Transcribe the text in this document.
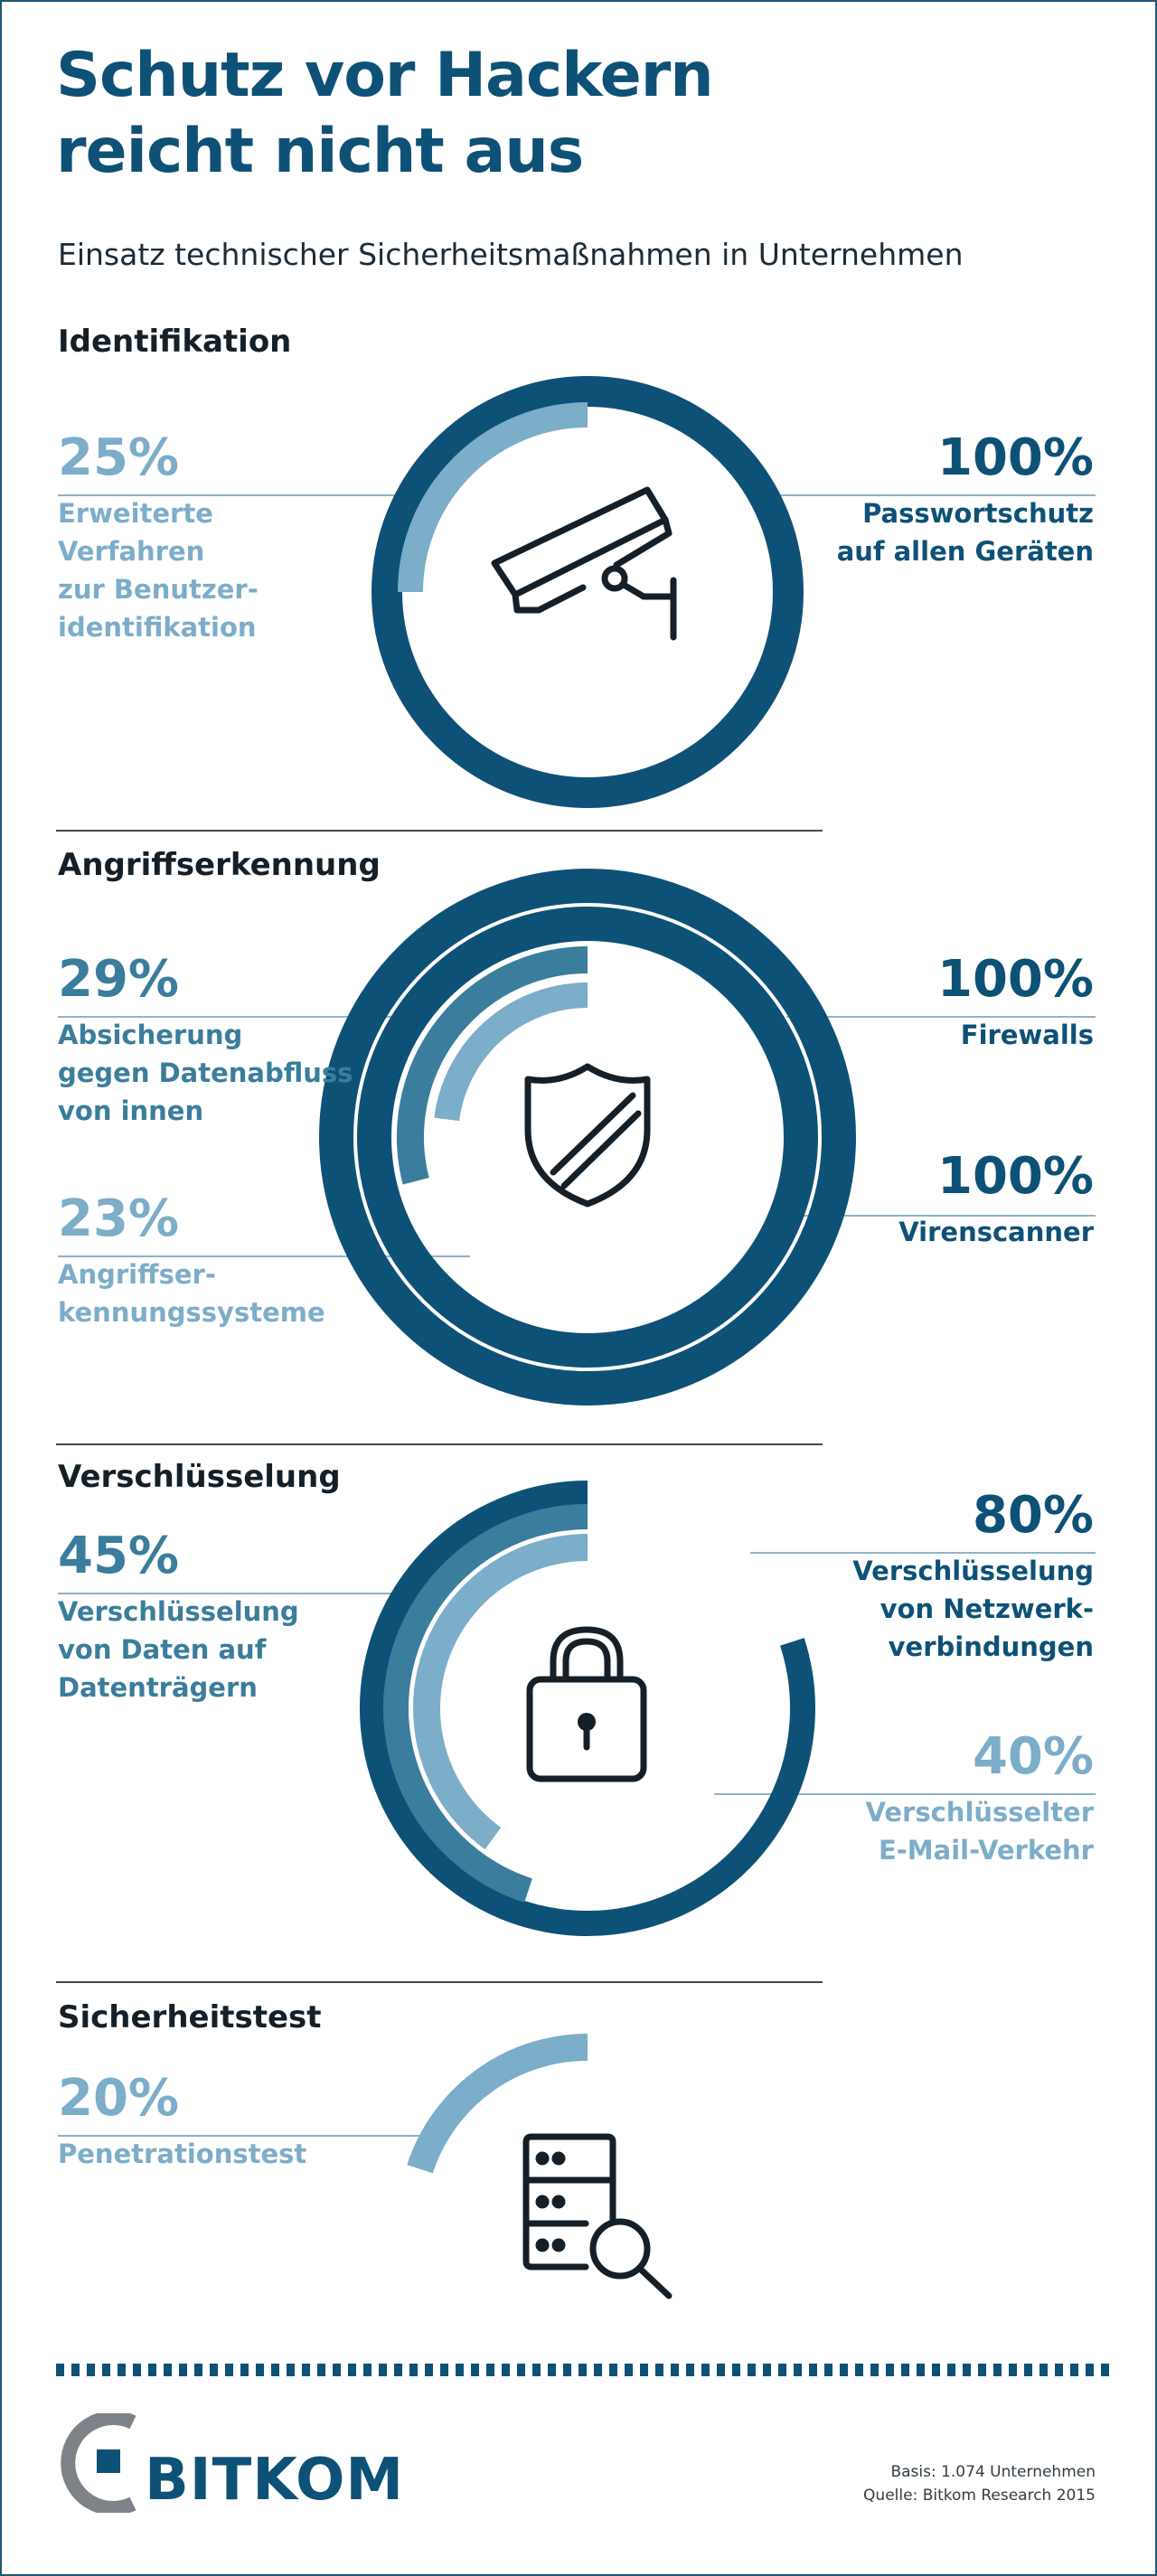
Schutz vor Hackern
reicht nicht aus
Einsatz technischer Sicherheitsmaßnahmen in Unternehmen
Identifikation
25%
Erweiterte Verfahren
zur Benutzer-
identifikation
100%
Passwortschutz
auf allen Geräten
Angriffserkennung
29%
Absicherung
gegen Datenabfluss
von innen
23%
Angriffser-
kennungssysteme
100%
Firewalls
100%
Virenscanner
Verschlüsselung
45%
Verschlüsselung
von Daten auf
Datenträgern
80%
Verschlüsselung
von Netzwerk-
verbindungen
40%
Verschlüsselter
E-Mail-Verkehr
Sicherheitstest
20%
Penetrationstest
BITKOM	Basis: 1.074 Unternehmen
Quelle: Bitkom Research 2015
